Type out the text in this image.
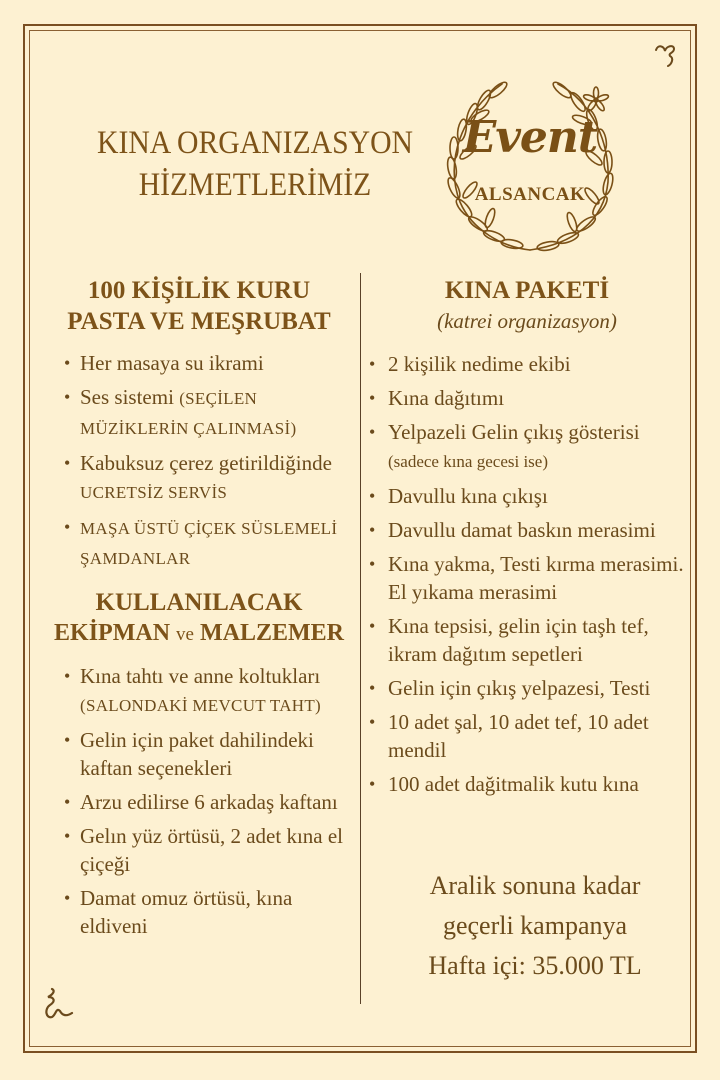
KINA ORGANIZASYON
HİZMETLERİMİZ
Event
ALSANCAK
100 KİŞİLİK KURU
PASTA VE MEŞRUBAT
• Her masaya su ikrami
• Ses sistemi (SEÇİLEN MÜZİKLERİN ÇALINMASİ)
• Kabuksuz çerez getirildiğinde
UCRETSİZ SERVİS
• MAŞA ÜSTÜ ÇİÇEK SÜSLEMELİ ŞAMDANLAR
KULLANILACAK
EKİPMAN ve MALZEMER
• Kına tahtı ve anne koltukları
(SALONDAKİ MEVCUT TAHT)
• Gelin için paket dahilindeki kaftan seçenekleri
• Arzu edilirse 6 arkadaş kaftanı
• Gelın yüz örtüsü, 2 adet kına el çiçeği
• Damat omuz örtüsü, kına eldiveni
KINA PAKETİ
(katrei organizasyon)
• 2 kişilik nedime ekibi
• Kına dağıtımı
• Yelpazeli Gelin çıkış gösterisi (sadece kına gecesi ise)
• Davullu kına çıkışı
• Davullu damat baskın merasimi
• Kına yakma, Testi kırma merasimi. El yıkama merasimi
• Kına tepsisi, gelin için taşh tef, ikram dağıtım sepetleri
• Gelin için çıkış yelpazesi, Testi
• 10 adet şal, 10 adet tef, 10 adet mendil
• 100 adet dağitmalik kutu kına
Aralik sonuna kadar
geçerli kampanya
Hafta içi: 35.000 TL
